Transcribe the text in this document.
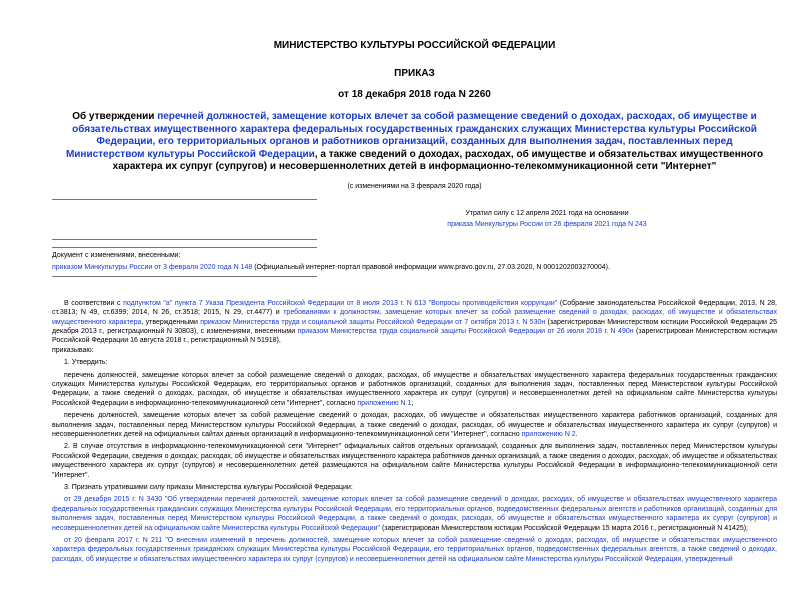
МИНИСТЕРСТВО КУЛЬТУРЫ РОССИЙСКОЙ ФЕДЕРАЦИИ
ПРИКАЗ
от 18 декабря 2018 года N 2260
Об утверждении перечней должностей, замещение которых влечет за собой размещение сведений о доходах, расходах, об имуществе и обязательствах имущественного характера федеральных государственных гражданских служащих Министерства культуры Российской Федерации, его территориальных органов и работников организаций, созданных для выполнения задач, поставленных перед Министерством культуры Российской Федерации, а также сведений о доходах, расходах, об имуществе и обязательствах имущественного характера их супруг (супругов) и несовершеннолетних детей в информационно-телекоммуникационной сети "Интернет"
(с изменениями на 3 февраля 2020 года)
Утратил силу с 12 апреля 2021 года на основании
приказа Минкультуры России от 26 февраля 2021 года N 243
Документ с изменениями, внесенными:
приказом Минкультуры России от 3 февраля 2020 года N 148 (Официальный интернет-портал правовой информации www.pravo.gov.ru, 27.03.2020, N 0001202003270004).

В соответствии с подпунктом "а" пункта 7 Указа Президента Российской Федерации от 8 июля 2013 г. N 613 "Вопросы противодействия коррупции" (Собрание законодательства Российской Федерации, 2013, N 28, ст.3813; N 49, ст.6399; 2014, N 26, ст.3518; 2015, N 29, ст.4477) и требованиями к должностям, замещение которых влечет за собой размещение сведений о доходах, расходах, об имуществе и обязательствах имущественного характера, утвержденными приказом Министерства труда и социальной защиты Российской Федерации от 7 октября 2013 г. N 530н (зарегистрирован Министерством юстиции Российской Федерации 25 декабря 2013 г., регистрационный N 30803), с изменениями, внесенными приказом Министерства труда социальной защиты Российской Федерации от 26 июля 2018 г. N 490н (зарегистрирован Министерством юстиции Российской Федерации 16 августа 2018 г., регистрационный N 51918),

приказываю:

1. Утвердить:

перечень должностей, замещение которых влечет за собой размещение сведений о доходах, расходах, об имуществе и обязательствах имущественного характера федеральных государственных гражданских служащих Министерства культуры Российской Федерации, его территориальных органов и работников организаций, созданных для выполнения задач, поставленных перед Министерством культуры Российской Федерации, а также сведений о доходах, расходах, об имуществе и обязательствах имущественного характера их супруг (супругов) и несовершеннолетних детей на официальном сайте Министерства культуры Российской Федерации в информационно-телекоммуникационной сети "Интернет", согласно приложению N 1;

перечень должностей, замещение которых влечет за собой размещение сведений о доходах, расходах, об имуществе и обязательствах имущественного характера работников организаций, созданных для выполнения задач, поставленных перед Министерством культуры Российской Федерации, а также сведений о доходах, расходах, об имуществе и обязательствах имущественного характера их супруг (супругов) и несовершеннолетних детей на официальных сайтах данных организаций в информационно-телекоммуникационной сети "Интернет", согласно приложению N 2.

2. В случае отсутствия в информационно-телекоммуникационной сети "Интернет" официальных сайтов отдельных организаций, созданных для выполнения задач, поставленных перед Министерством культуры Российской Федерации, сведения о доходах, расходах, об имуществе и обязательствах имущественного характера работников данных организаций, а также сведения о доходах, расходах, об имуществе и обязательствах имущественного характера их супруг (супругов) и несовершеннолетних детей размещаются на официальном сайте Министерства культуры Российской Федерации в информационно-телекоммуникационной сети "Интернет".

3. Признать утратившими силу приказы Министерства культуры Российской Федерации:

от 29 декабря 2015 г. N 3430 "Об утверждении перечней должностей, замещение которых влечет за собой размещение сведений о доходах, расходах, об имуществе и обязательствах имущественного характера федеральных государственных гражданских служащих Министерства культуры Российской Федерации, его территориальных органов, подведомственных федеральных агентств и работников организаций, созданных для выполнения задач, поставленных перед Министерством культуры Российской Федерации, а также сведений о доходах, расходах, об имуществе и обязательствах имущественного характера их супруг (супругов) и несовершеннолетних детей на официальном сайте Министерства культуры Российской Федерации" (зарегистрирован Министерством юстиции Российской Федерации 15 марта 2016 г., регистрационный N 41425);

от 20 февраля 2017 г. N 211 "О внесении изменений в перечень должностей, замещение которых влечет за собой размещение сведений о доходах, расходах, об имуществе и обязательствах имущественного характера федеральных государственных гражданских служащих Министерства культуры Российской Федерации, его территориальных органов, подведомственных федеральных агентств, а также сведений о доходах, расходах, об имуществе и обязательствах имущественного характера их супруг (супругов) и несовершеннолетних детей на официальном сайте Министерства культуры Российской Федерации, утвержденный
